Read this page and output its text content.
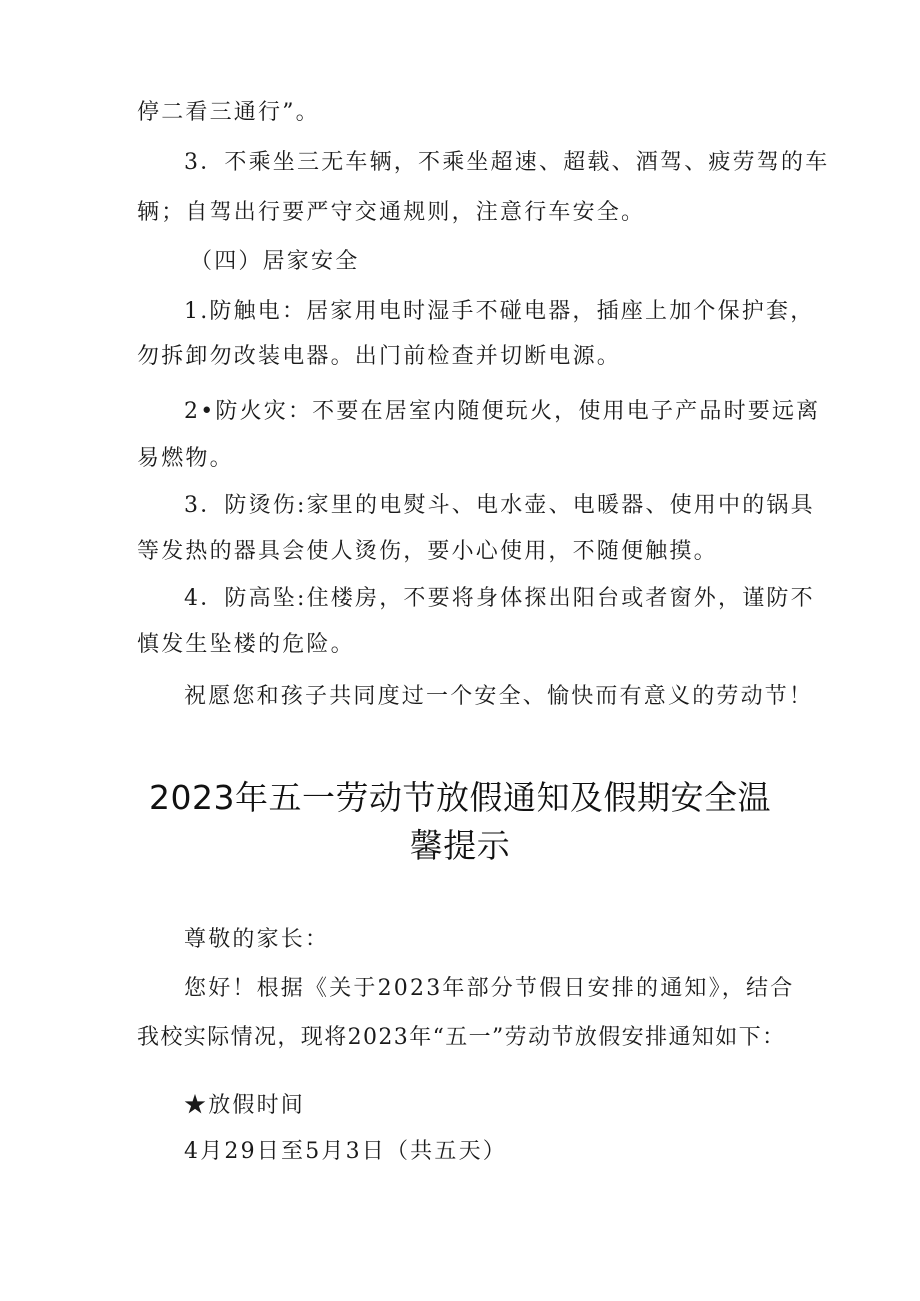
停二看三通行”。
3．不乘坐三无车辆，不乘坐超速、超载、酒驾、疲劳驾的车
辆；自驾出行要严守交通规则，注意行车安全。
（四）居家安全
1.防触电：居家用电时湿手不碰电器，插座上加个保护套，
勿拆卸勿改装电器。出门前检查并切断电源。
2•防火灾：不要在居室内随便玩火，使用电子产品时要远离
易燃物。
3．防烫伤:家里的电熨斗、电水壶、电暖器、使用中的锅具
等发热的器具会使人烫伤，要小心使用，不随便触摸。
4．防高坠:住楼房，不要将身体探出阳台或者窗外，谨防不
慎发生坠楼的危险。
祝愿您和孩子共同度过一个安全、愉快而有意义的劳动节！
2023年五一劳动节放假通知及假期安全温
馨提示
尊敬的家长：
您好！根据《关于2023年部分节假日安排的通知》，结合
我校实际情况，现将2023年“五一”劳动节放假安排通知如下：
★放假时间
4月29日至5月3日（共五天）
